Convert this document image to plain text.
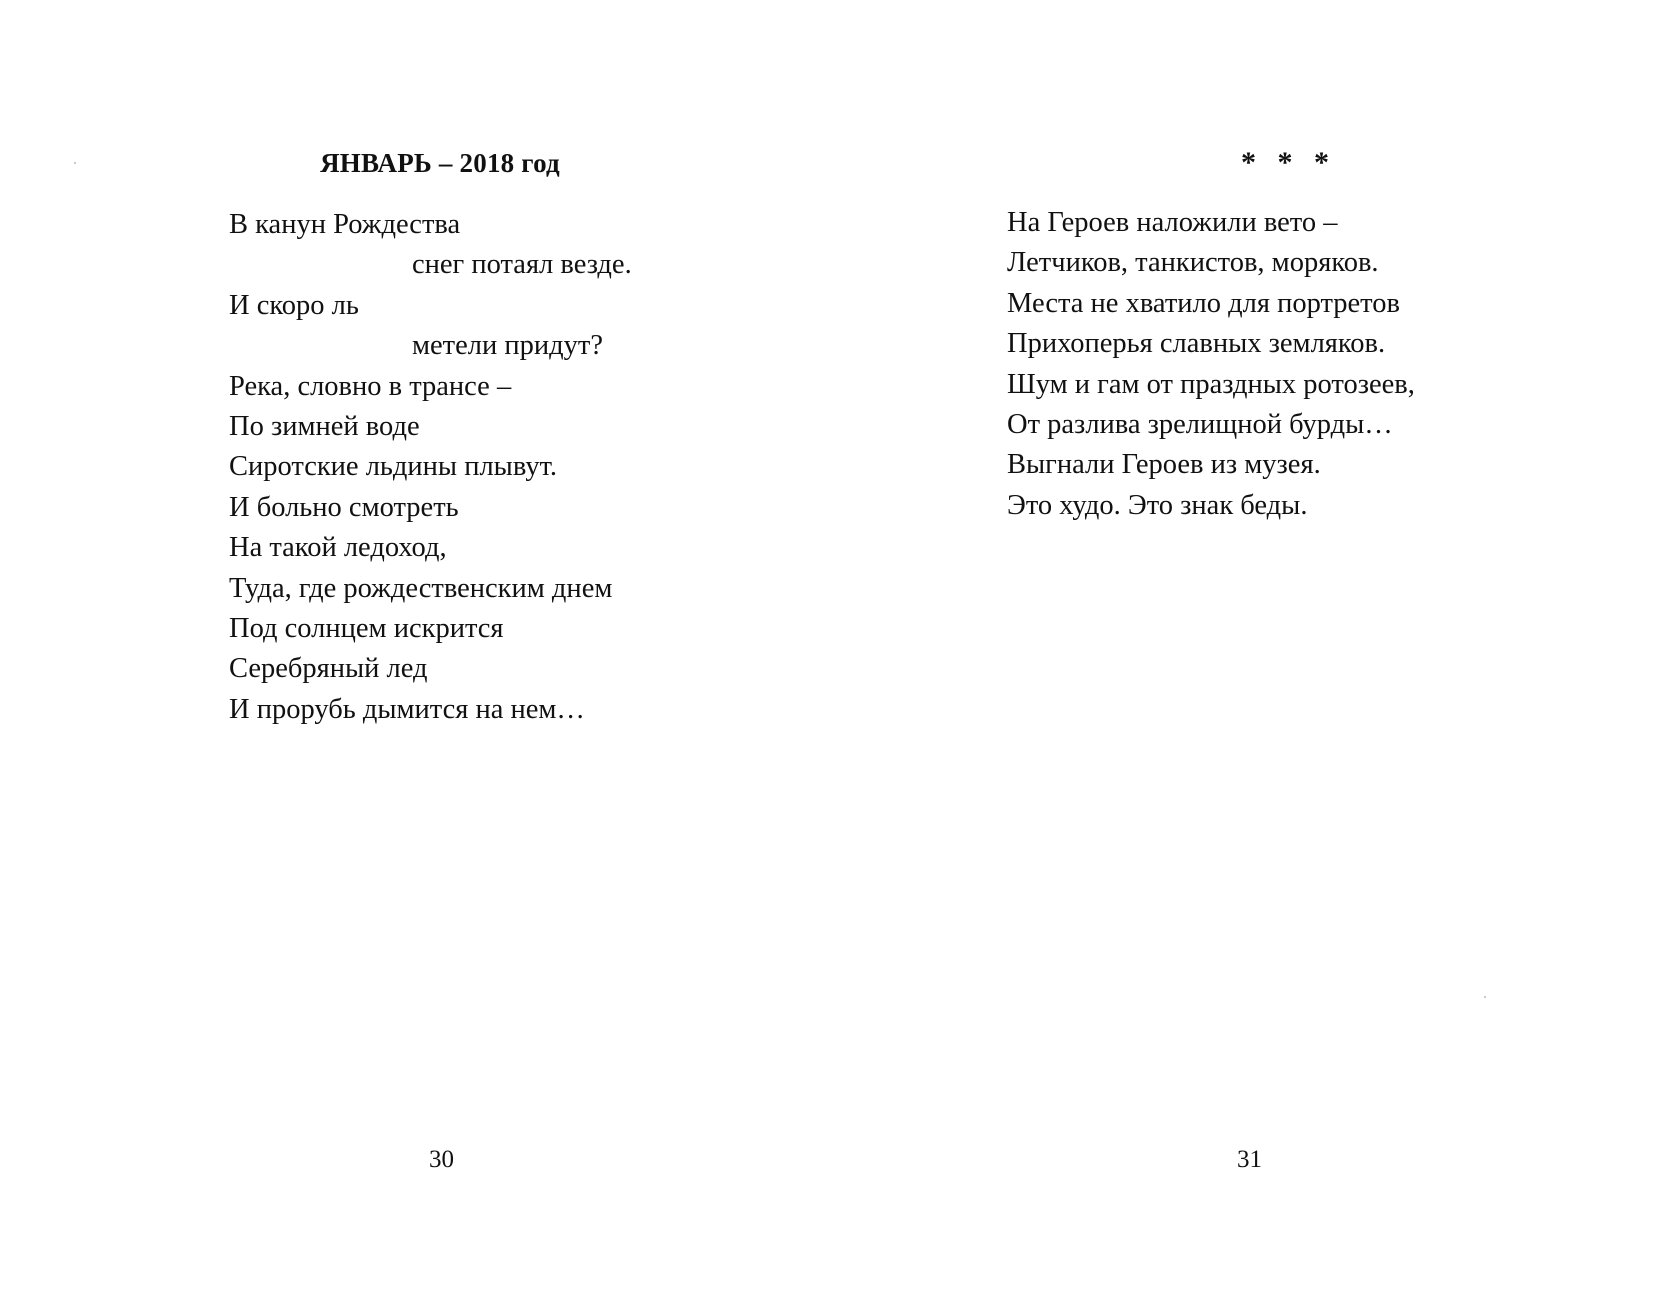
ЯНВАРЬ – 2018 год
В канун Рождества
снег потаял везде.
И скоро ль
метели придут?
Река, словно в трансе –
По зимней воде
Сиротские льдины плывут.
И больно смотреть
На такой ледоход,
Туда, где рождественским днем
Под солнцем искрится
Серебряный лед
И прорубь дымится на нем…

30

* * *

На Героев наложили вето –
Летчиков, танкистов, моряков.
Места не хватило для портретов
Прихоперья славных земляков.
Шум и гам от праздных ротозеев,
От разлива зрелищной бурды…
Выгнали Героев из музея.
Это худо. Это знак беды.

31
